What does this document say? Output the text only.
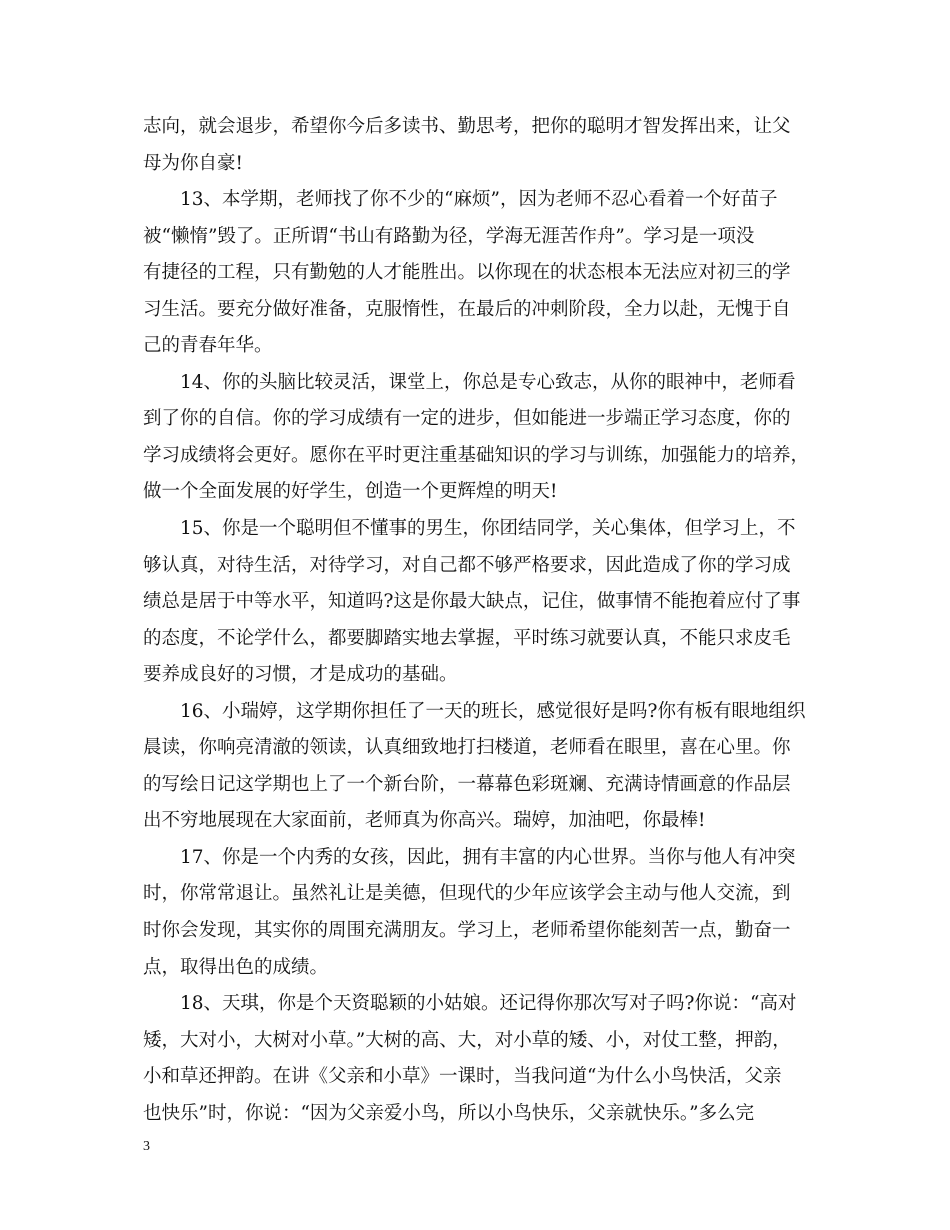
志向，就会退步，希望你今后多读书、勤思考，把你的聪明才智发挥出来，让父
母为你自豪!
　　13、本学期，老师找了你不少的“麻烦”，因为老师不忍心看着一个好苗子
被“懒惰”毁了。正所谓“书山有路勤为径，学海无涯苦作舟”。学习是一项没
有捷径的工程，只有勤勉的人才能胜出。以你现在的状态根本无法应对初三的学
习生活。要充分做好准备，克服惰性，在最后的冲刺阶段，全力以赴，无愧于自
己的青春年华。
　　14、你的头脑比较灵活，课堂上，你总是专心致志，从你的眼神中，老师看
到了你的自信。你的学习成绩有一定的进步，但如能进一步端正学习态度，你的
学习成绩将会更好。愿你在平时更注重基础知识的学习与训练，加强能力的培养，
做一个全面发展的好学生，创造一个更辉煌的明天!
　　15、你是一个聪明但不懂事的男生，你团结同学，关心集体，但学习上，不
够认真，对待生活，对待学习，对自己都不够严格要求，因此造成了你的学习成
绩总是居于中等水平，知道吗?这是你最大缺点，记住，做事情不能抱着应付了事
的态度，不论学什么，都要脚踏实地去掌握，平时练习就要认真，不能只求皮毛
要养成良好的习惯，才是成功的基础。
　　16、小瑞婷，这学期你担任了一天的班长，感觉很好是吗?你有板有眼地组织
晨读，你响亮清澈的领读，认真细致地打扫楼道，老师看在眼里，喜在心里。你
的写绘日记这学期也上了一个新台阶，一幕幕色彩斑斓、充满诗情画意的作品层
出不穷地展现在大家面前，老师真为你高兴。瑞婷，加油吧，你最棒!
　　17、你是一个内秀的女孩，因此，拥有丰富的内心世界。当你与他人有冲突
时，你常常退让。虽然礼让是美德，但现代的少年应该学会主动与他人交流，到
时你会发现，其实你的周围充满朋友。学习上，老师希望你能刻苦一点，勤奋一
点，取得出色的成绩。
　　18、天琪，你是个天资聪颖的小姑娘。还记得你那次写对子吗?你说：“高对
矮，大对小，大树对小草。”大树的高、大，对小草的矮、小，对仗工整，押韵，
小和草还押韵。在讲《父亲和小草》一课时，当我问道“为什么小鸟快活，父亲
也快乐”时，你说：“因为父亲爱小鸟，所以小鸟快乐，父亲就快乐。”多么完
3
